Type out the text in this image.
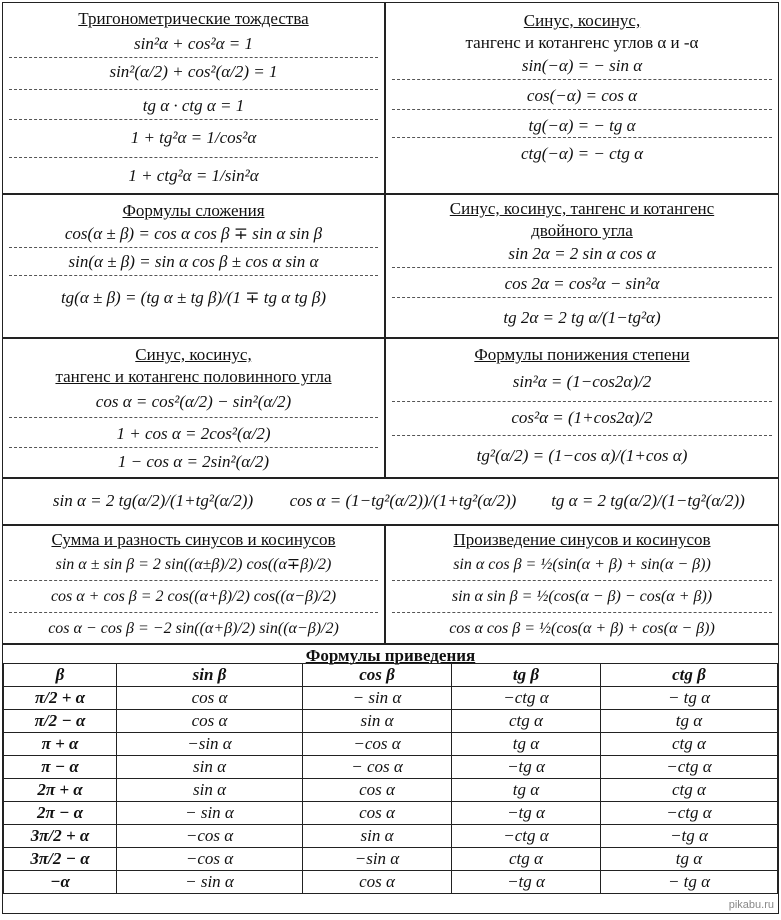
Тригонометрические тождества
sin²α + cos²α = 1
sin²(α/2) + cos²(α/2) = 1
tg α · ctg α = 1
1 + tg²α = 1/cos²α
1 + ctg²α = 1/sin²α
Синус, косинус,
тангенс и котангенс углов α и -α
sin(−α) = − sin α
cos(−α) = cos α
tg(−α) = − tg α
ctg(−α) = − ctg α
Формулы сложения
cos(α ± β) = cos α cos β ∓ sin α sin β
sin(α ± β) = sin α cos β ± cos α sin α
tg(α ± β) = (tg α ± tg β)/(1 ∓ tg α tg β)
Синус, косинус, тангенс и котангенс
двойного угла
sin 2α = 2 sin α cos α
cos 2α = cos²α − sin²α
tg 2α = 2 tg α/(1−tg²α)
Синус, косинус,
тангенс и котангенс половинного угла
cos α = cos²(α/2) − sin²(α/2)
1 + cos α = 2cos²(α/2)
1 − cos α = 2sin²(α/2)
Формулы понижения степени
sin²α = (1−cos2α)/2
cos²α = (1+cos2α)/2
tg²(α/2) = (1−cos α)/(1+cos α)
sin α = 2 tg(α/2)/(1+tg²(α/2))	cos α = (1−tg²(α/2))/(1+tg²(α/2))	tg α = 2 tg(α/2)/(1−tg²(α/2))
Сумма и разность синусов и косинусов
sin α ± sin β = 2 sin((α±β)/2) cos((α∓β)/2)
cos α + cos β = 2 cos((α+β)/2) cos((α−β)/2)
cos α − cos β = −2 sin((α+β)/2) sin((α−β)/2)
Произведение синусов и косинусов
sin α cos β = ½(sin(α + β) + sin(α − β))
sin α sin β = ½(cos(α − β) − cos(α + β))
cos α cos β = ½(cos(α + β) + cos(α − β))
Формулы приведения
β	sin β	cos β	tg β	ctg β
π/2 + α	cos α	− sin α	−ctg α	− tg α
π/2 − α	cos α	sin α	ctg α	tg α
π + α	−sin α	−cos α	tg α	ctg α
π − α	sin α	− cos α	−tg α	−ctg α
2π + α	sin α	cos α	tg α	ctg α
2π − α	− sin α	cos α	−tg α	−ctg α
3π/2 + α	−cos α	sin α	−ctg α	−tg α
3π/2 − α	−cos α	−sin α	ctg α	tg α
−α	− sin α	cos α	−tg α	− tg α
pikabu.ru
